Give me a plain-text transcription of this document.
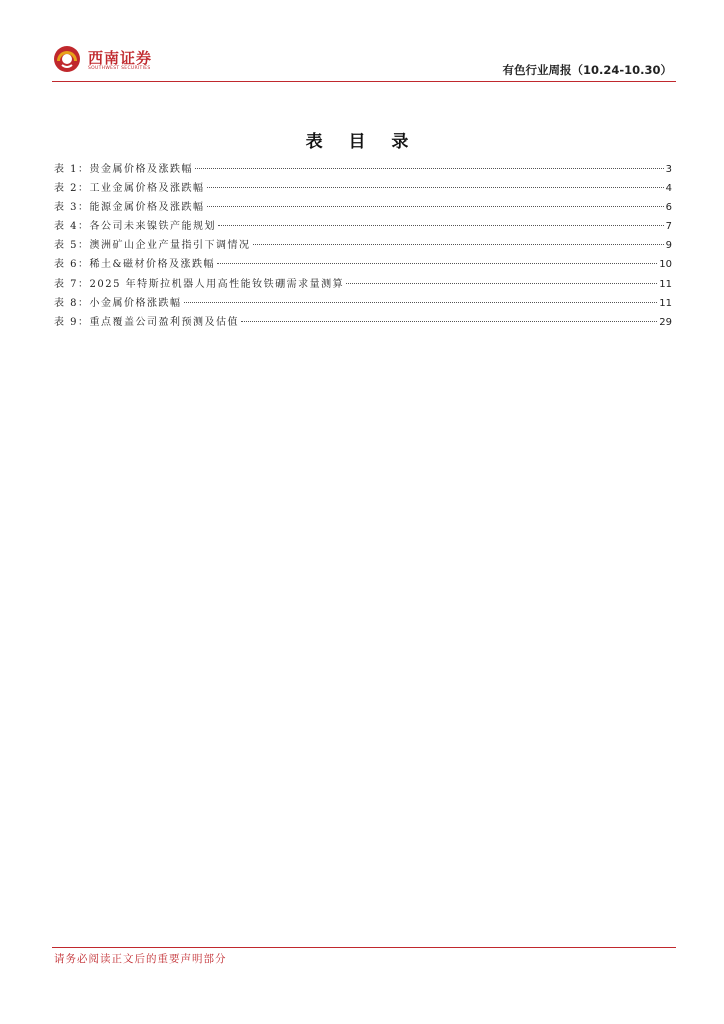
西南证券
SOUTHWEST SECURITIES	有色行业周报（10.24-10.30）
表 目 录
表 1：贵金属价格及涨跌幅	3
表 2：工业金属价格及涨跌幅	4
表 3：能源金属价格及涨跌幅	6
表 4：各公司未来镍铁产能规划	7
表 5：澳洲矿山企业产量指引下调情况	9
表 6：稀土&磁材价格及涨跌幅	10
表 7：2025 年特斯拉机器人用高性能钕铁硼需求量测算	11
表 8：小金属价格涨跌幅	11
表 9：重点覆盖公司盈利预测及估值	29
请务必阅读正文后的重要声明部分
